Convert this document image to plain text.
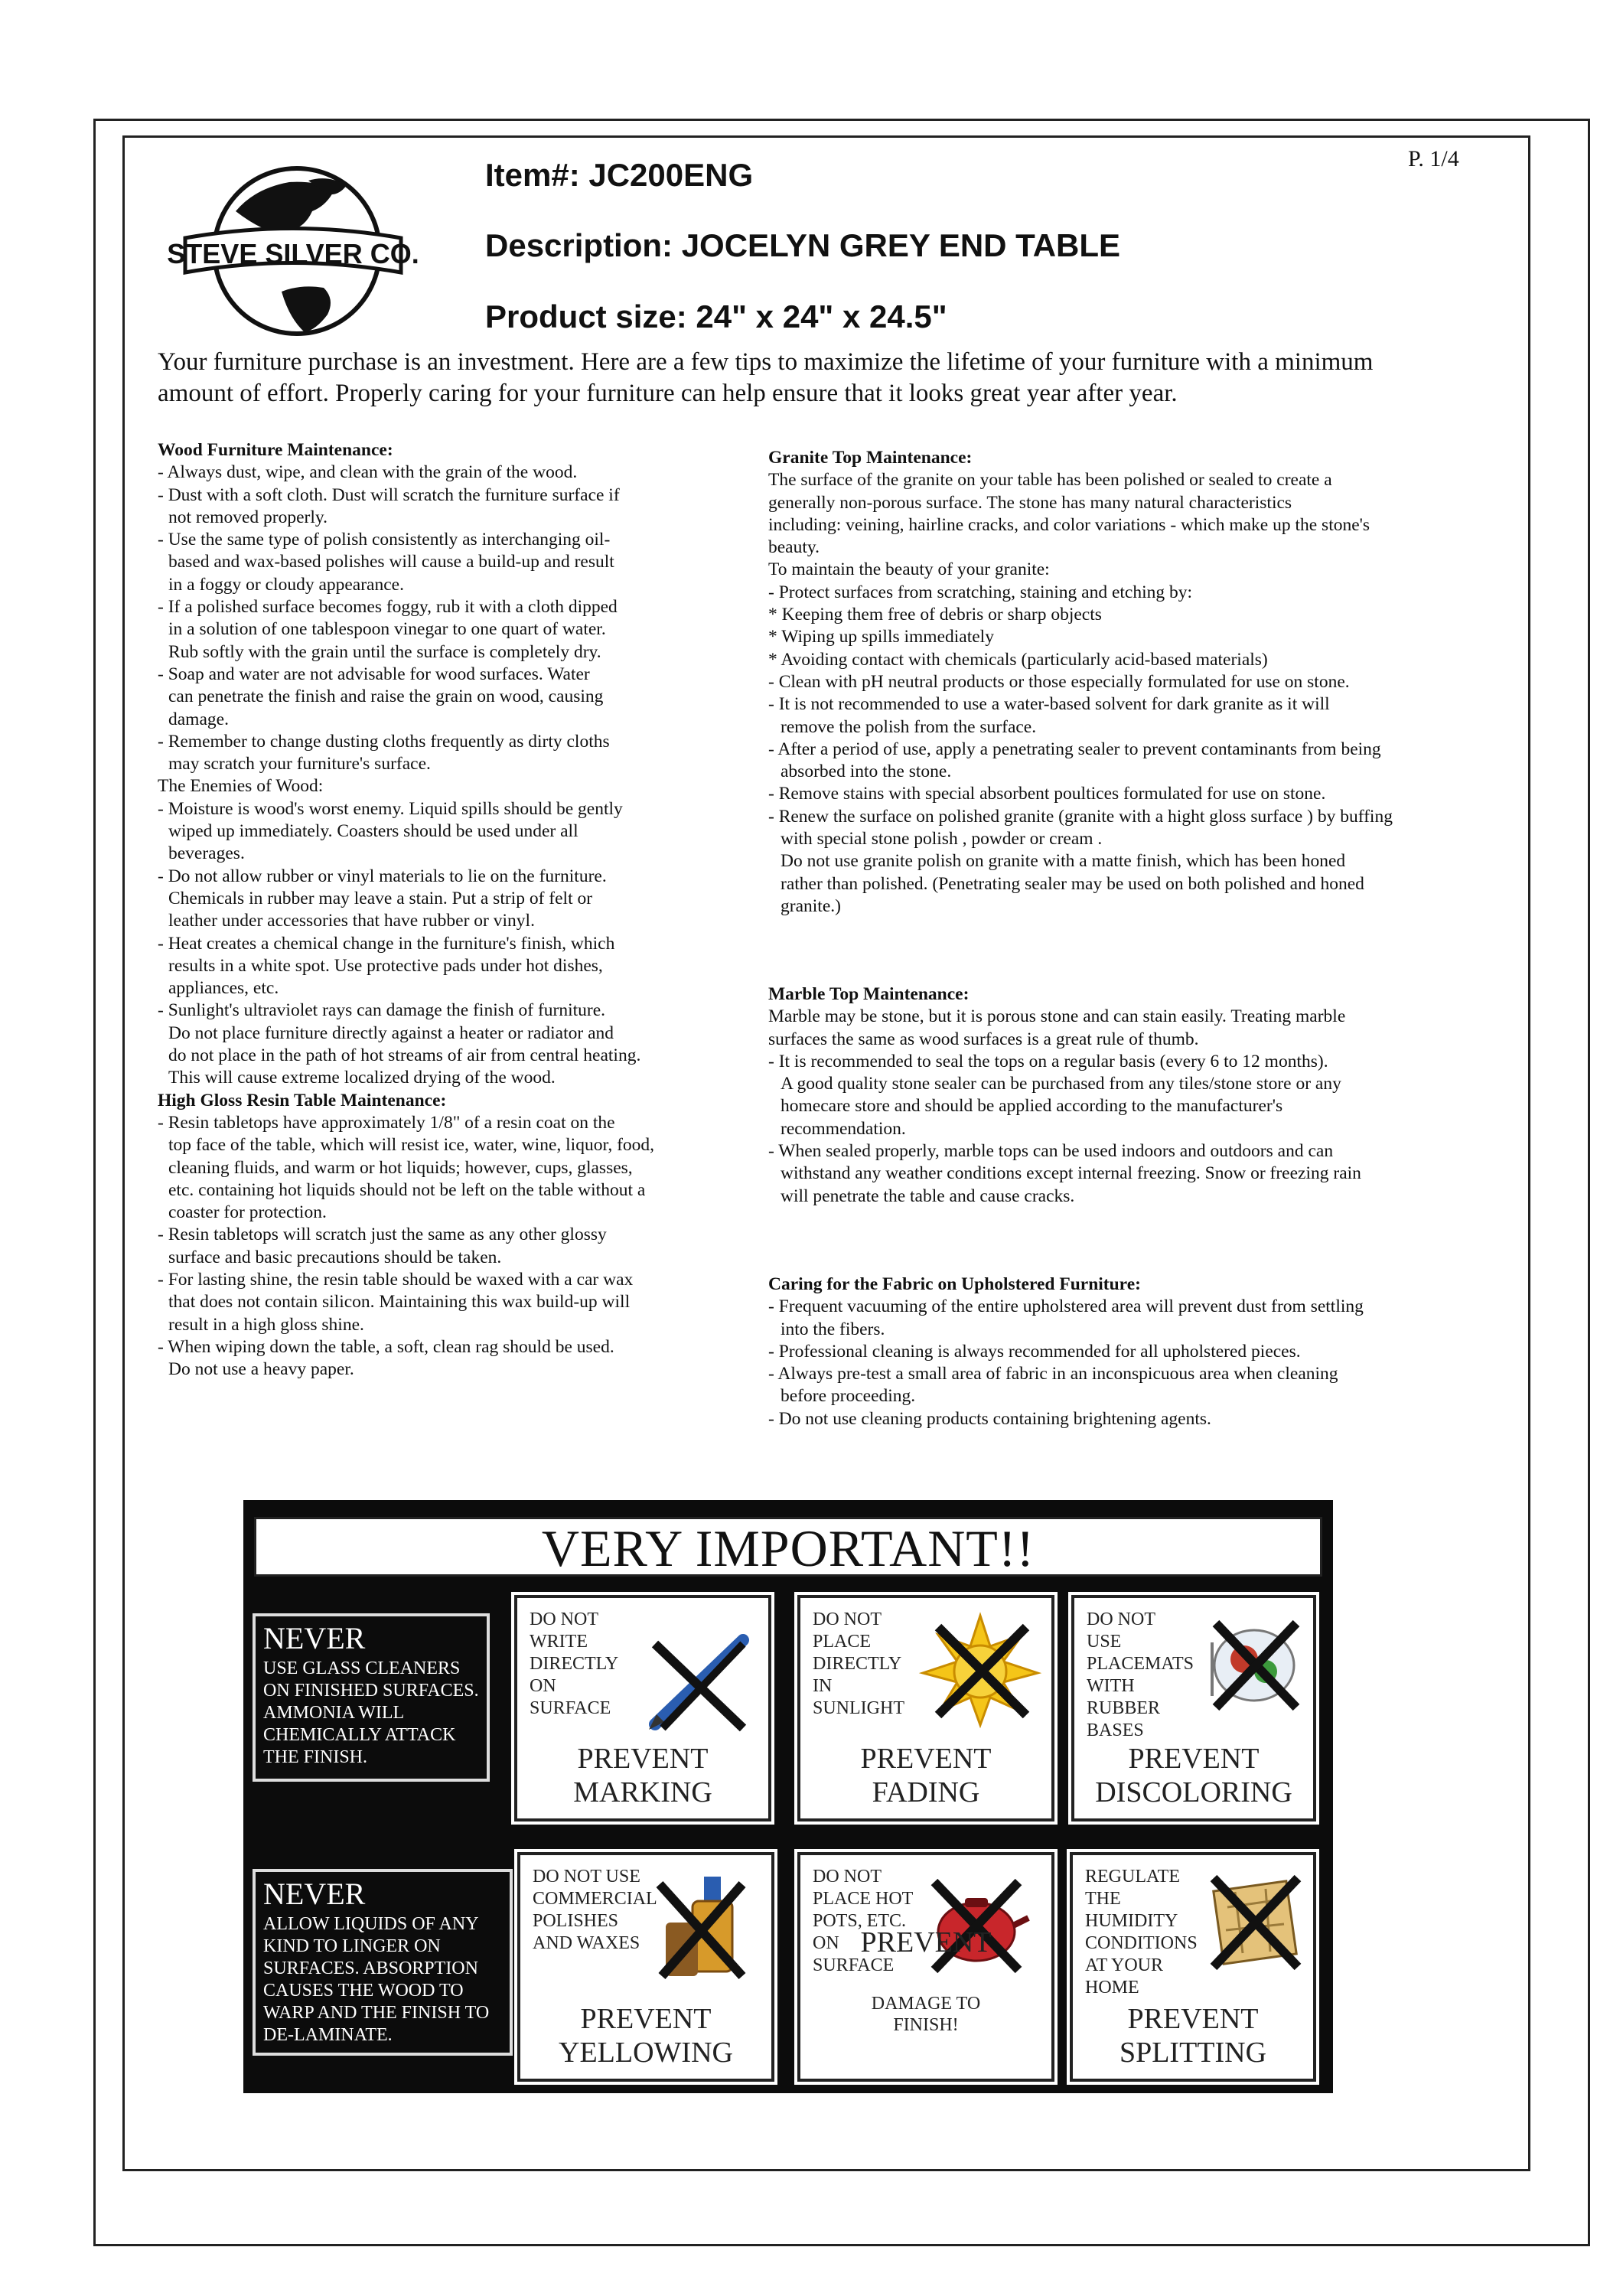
P. 1/4
STEVE SILVER CO.
Item#: JC200ENG
Description: JOCELYN GREY END TABLE
Product size: 24" x 24" x 24.5"
Your furniture purchase is an investment. Here are a few tips to maximize the lifetime of your furniture with a minimum amount of effort. Properly caring for your furniture can help ensure that it looks great year after year.

Wood Furniture Maintenance:

- Always dust, wipe, and clean with the grain of the wood.

- Dust with a soft cloth. Dust will scratch the furniture surface if

not removed properly.

- Use the same type of polish consistently as interchanging oil-

based and wax-based polishes will cause a build-up and result

in a foggy or cloudy appearance.

- If a polished surface becomes foggy, rub it with a cloth dipped

in a solution of one tablespoon vinegar to one quart of water.

Rub softly with the grain until the surface is completely dry.

- Soap and water are not advisable for wood surfaces. Water

can penetrate the finish and raise the grain on wood, causing

damage.

- Remember to change dusting cloths frequently as dirty cloths

may scratch your furniture's surface.

The Enemies of Wood:

- Moisture is wood's worst enemy. Liquid spills should be gently

wiped up immediately. Coasters should be used under all

beverages.

- Do not allow rubber or vinyl materials to lie on the furniture.

Chemicals in rubber may leave a stain. Put a strip of felt or

leather under accessories that have rubber or vinyl.

- Heat creates a chemical change in the furniture's finish, which

results in a white spot. Use protective pads under hot dishes,

appliances, etc.

- Sunlight's ultraviolet rays can damage the finish of furniture.

Do not place furniture directly against a heater or radiator and

do not place in the path of hot streams of air from central heating.

This will cause extreme localized drying of the wood.

High Gloss Resin Table Maintenance:

- Resin tabletops have approximately 1/8" of a resin coat on the

top face of the table, which will resist ice, water, wine, liquor, food,

cleaning fluids, and warm or hot liquids; however, cups, glasses,

etc. containing hot liquids should not be left on the table without a

coaster for protection.

- Resin tabletops will scratch just the same as any other glossy

surface and basic precautions should be taken.

- For lasting shine, the resin table should be waxed with a car wax

that does not contain silicon. Maintaining this wax build-up will

result in a high gloss shine.

- When wiping down the table, a soft, clean rag should be used.

Do not use a heavy paper.

Granite Top Maintenance:

The surface of the granite on your table has been polished or sealed to create a

generally non-porous surface. The stone has many natural characteristics

including: veining, hairline cracks, and color variations - which make up the stone's

beauty.

To maintain the beauty of your granite:

- Protect surfaces from scratching, staining and etching by:

* Keeping them free of debris or sharp objects

* Wiping up spills immediately

* Avoiding contact with chemicals (particularly acid-based materials)

- Clean with pH neutral products or those especially formulated for use on stone.

- It is not recommended to use a water-based solvent for dark granite as it will

remove the polish from the surface.

- After a period of use, apply a penetrating sealer to prevent contaminants from being

absorbed into the stone.

- Remove stains with special absorbent poultices formulated for use on stone.

- Renew the surface on polished granite (granite with a hight gloss surface ) by buffing

with special stone polish , powder or cream .

Do not use granite polish on granite with a matte finish, which has been honed

rather than polished. (Penetrating sealer may be used on both polished and honed

granite.)

Marble Top Maintenance:

Marble may be stone, but it is porous stone and can stain easily. Treating marble

surfaces the same as wood surfaces is a great rule of thumb.

- It is recommended to seal the tops on a regular basis (every 6 to 12 months).

A good quality stone sealer can be purchased from any tiles/stone store or any

homecare store and should be applied according to the manufacturer's

recommendation.

- When sealed properly, marble tops can be used indoors and outdoors and can

withstand any weather conditions except internal freezing. Snow or freezing rain

will penetrate the table and cause cracks.

Caring for the Fabric on Upholstered Furniture:

- Frequent vacuuming of the entire upholstered area will prevent dust from settling

into the fibers.

- Professional cleaning is always recommended for all upholstered pieces.

- Always pre-test a small area of fabric in an inconspicuous area when cleaning

before proceeding.

- Do not use cleaning products containing brightening agents.

VERY IMPORTANT!!
NEVER
USE GLASS CLEANERS ON FINISHED SURFACES. AMMONIA WILL CHEMICALLY ATTACK THE FINISH.
NEVER
ALLOW LIQUIDS OF ANY KIND TO LINGER ON SURFACES. ABSORPTION CAUSES THE WOOD TO WARP AND THE FINISH TO DE-LAMINATE.
DO NOT
WRITE
DIRECTLY
ON
SURFACE
PREVENT
MARKING
DO NOT
PLACE
DIRECTLY
IN
SUNLIGHT
PREVENT
FADING
DO NOT
USE
PLACEMATS
WITH
RUBBER
BASES
PREVENT
DISCOLORING
DO NOT USE
COMMERCIAL
POLISHES
AND WAXES
PREVENT
YELLOWING
DO NOT
PLACE HOT
POTS, ETC.
ON
SURFACE

PREVENT

DAMAGE TO
FINISH!

REGULATE
THE
HUMIDITY
CONDITIONS
AT YOUR
HOME
PREVENT
SPLITTING
